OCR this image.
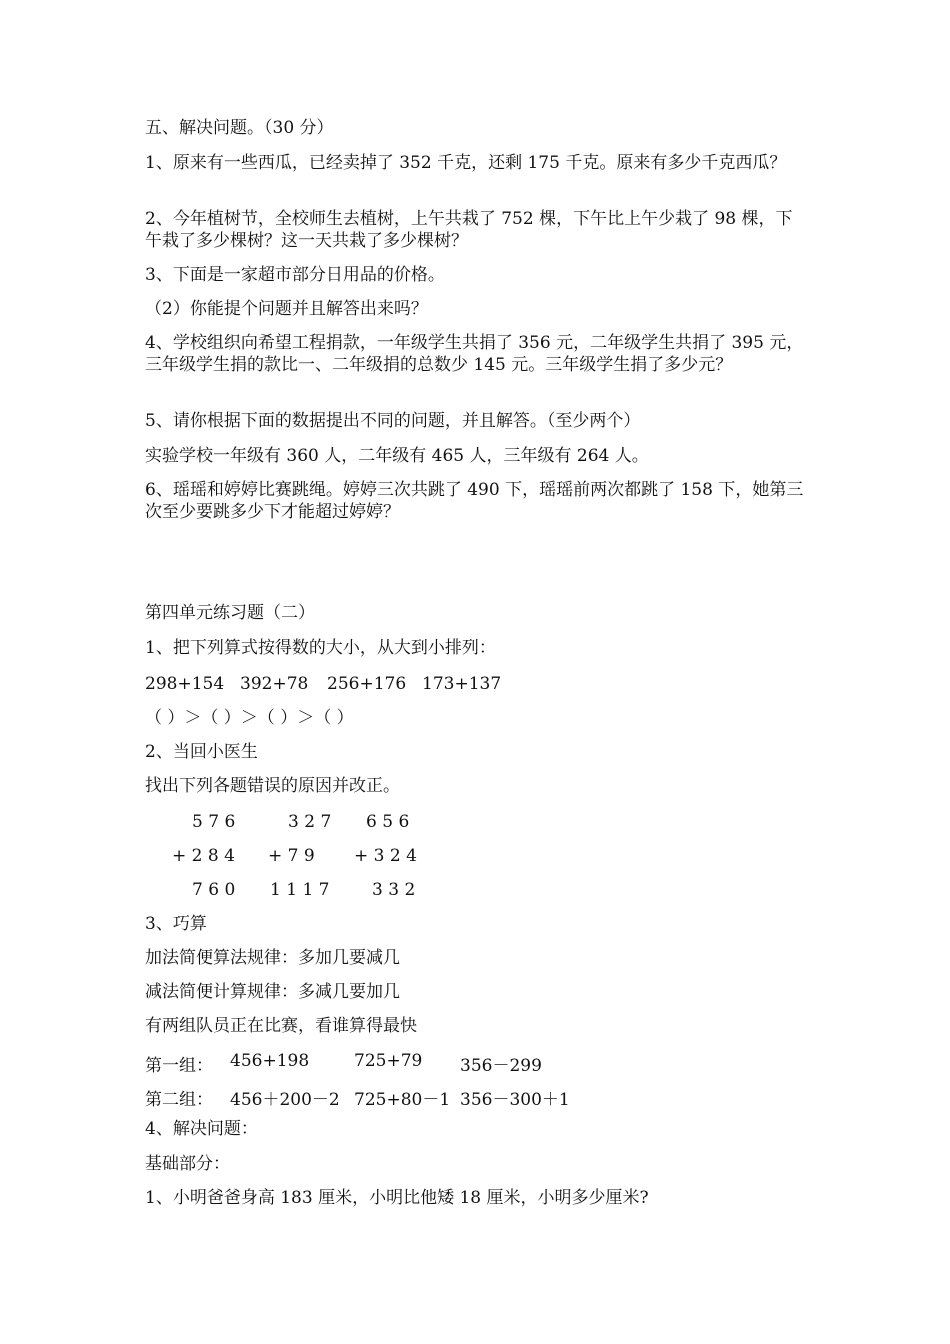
五、解决问题。（30 分）
1、原来有一些西瓜，已经卖掉了 352 千克，还剩 175 千克。原来有多少千克西瓜？
2、今年植树节，全校师生去植树，上午共栽了 752 棵，下午比上午少栽了 98 棵，下午栽了多少棵树？这一天共栽了多少棵树？
3、下面是一家超市部分日用品的价格。
（2）你能提个问题并且解答出来吗？
4、学校组织向希望工程捐款，一年级学生共捐了 356 元，二年级学生共捐了 395 元，三年级学生捐的款比一、二年级捐的总数少 145 元。三年级学生捐了多少元？
5、请你根据下面的数据提出不同的问题，并且解答。（至少两个）
实验学校一年级有 360 人，二年级有 465 人，三年级有 264 人。
6、瑶瑶和婷婷比赛跳绳。婷婷三次共跳了 490 下，瑶瑶前两次都跳了 158 下，她第三次至少要跳多少下才能超过婷婷？
第四单元练习题（二）
1、把下列算式按得数的大小，从大到小排列：
298+154 392+78 256+176 173+137
（ ）＞（ ）＞（ ）＞（ ）
2、当回小医生
找出下列各题错误的原因并改正。
5 7 6
+ 2 8 4
7 6 0
3 2 7
+ 7 9
1 1 1 7
6 5 6
+ 3 2 4
3 3 2
3、巧算
加法简便算法规律：多加几要减几
减法简便计算规律：多减几要加几
有两组队员正在比赛，看谁算得最快
第一组： 456+198	725+79 356－299
第二组： 456＋200－2 725+80－1 356－300＋1
4、解决问题：
基础部分：
1、小明爸爸身高 183 厘米，小明比他矮 18 厘米，小明多少厘米?
